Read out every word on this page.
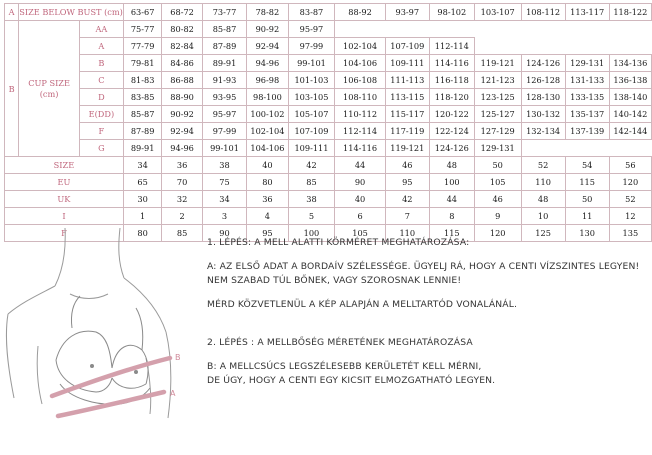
A	SIZE BELOW BUST (cm)		63-67	68-72	73-77	78-82	83-87	88-92	93-97	98-102	103-107	108-112	113-117	118-122
B	CUP SIZE (cm)	AA	75-77	80-82	85-87	90-92	95-97							
		A	77-79	82-84	87-89	92-94	97-99	102-104	107-109	112-114				
		B	79-81	84-86	89-91	94-96	99-101	104-106	109-111	114-116	119-121	124-126	129-131	134-136
		C	81-83	86-88	91-93	96-98	101-103	106-108	111-113	116-118	121-123	126-128	131-133	136-138
		D	83-85	88-90	93-95	98-100	103-105	108-110	113-115	118-120	123-125	128-130	133-135	138-140
		E(DD)	85-87	90-92	95-97	100-102	105-107	110-112	115-117	120-122	125-127	130-132	135-137	140-142
		F	87-89	92-94	97-99	102-104	107-109	112-114	117-119	122-124	127-129	132-134	137-139	142-144
		G	89-91	94-96	99-101	104-106	109-111	114-116	119-121	124-126	129-131			
SIZE			34	36	38	40	42	44	46	48	50	52	54	56
EU			65	70	75	80	85	90	95	100	105	110	115	120
UK			30	32	34	36	38	40	42	44	46	48	50	52
I			1	2	3	4	5	6	7	8	9	10	11	12
F			80	85	90	95	100	105	110	115	120	125	130	135
B
A

1. LÉPÉS: A MELL ALATTI KÖRMÉRET MEGHATÁROZÁSA:

A: AZ ELSŐ ADAT A BORDAÍV SZÉLESSÉGE. ÜGYELJ RÁ, HOGY A CENTI VÍZSZINTES LEGYEN!

NEM SZABAD TÚL BŐNEK, VAGY SZOROSNAK LENNIE!

MÉRD KÖZVETLENÜL A KÉP ALAPJÁN A MELLTARTÓD VONALÁNÁL.

2. LÉPÉS : A MELLBŐSÉG MÉRETÉNEK MEGHATÁROZÁSA

B: A MELLCSÚCS LEGSZÉLESEBB KERÜLETÉT KELL MÉRNI,

DE ÚGY, HOGY A CENTI EGY KICSIT ELMOZGATHATÓ LEGYEN.
